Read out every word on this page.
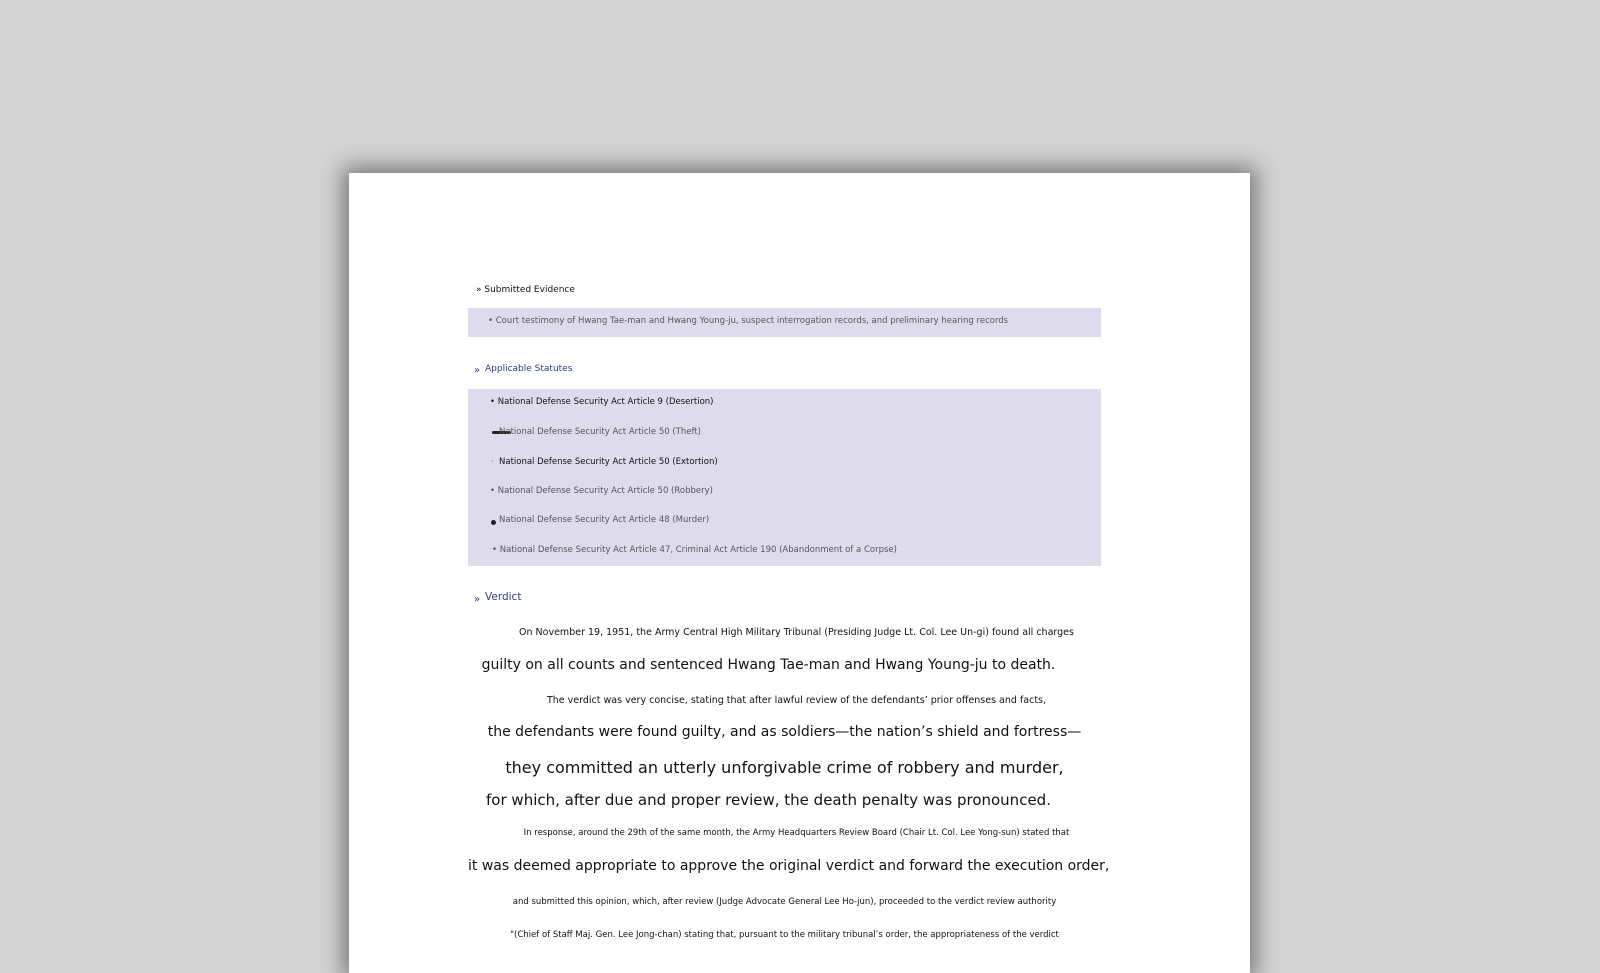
» Submitted Evidence
• Court testimony of Hwang Tae-man and Hwang Young-ju, suspect interrogation records, and preliminary hearing records
» Applicable Statutes
• National Defense Security Act Article 9 (Desertion)
National Defense Security Act Article 50 (Theft)
· National Defense Security Act Article 50 (Extortion)
• National Defense Security Act Article 50 (Robbery)
National Defense Security Act Article 48 (Murder)
• National Defense Security Act Article 47, Criminal Act Article 190 (Abandonment of a Corpse)
» Verdict
On November 19, 1951, the Army Central High Military Tribunal (Presiding Judge Lt. Col. Lee Un-gi) found all charges
guilty on all counts and sentenced Hwang Tae-man and Hwang Young-ju to death.
The verdict was very concise, stating that after lawful review of the defendants’ prior offenses and facts,
the defendants were found guilty, and as soldiers—the nation’s shield and fortress—
they committed an utterly unforgivable crime of robbery and murder,
for which, after due and proper review, the death penalty was pronounced.
In response, around the 29th of the same month, the Army Headquarters Review Board (Chair Lt. Col. Lee Yong-sun) stated that
it was deemed appropriate to approve the original verdict and forward the execution order,
and submitted this opinion, which, after review (Judge Advocate General Lee Ho-jun), proceeded to the verdict review authority
"(Chief of Staff Maj. Gen. Lee Jong-chan) stating that, pursuant to the military tribunal’s order, the appropriateness of the verdict
